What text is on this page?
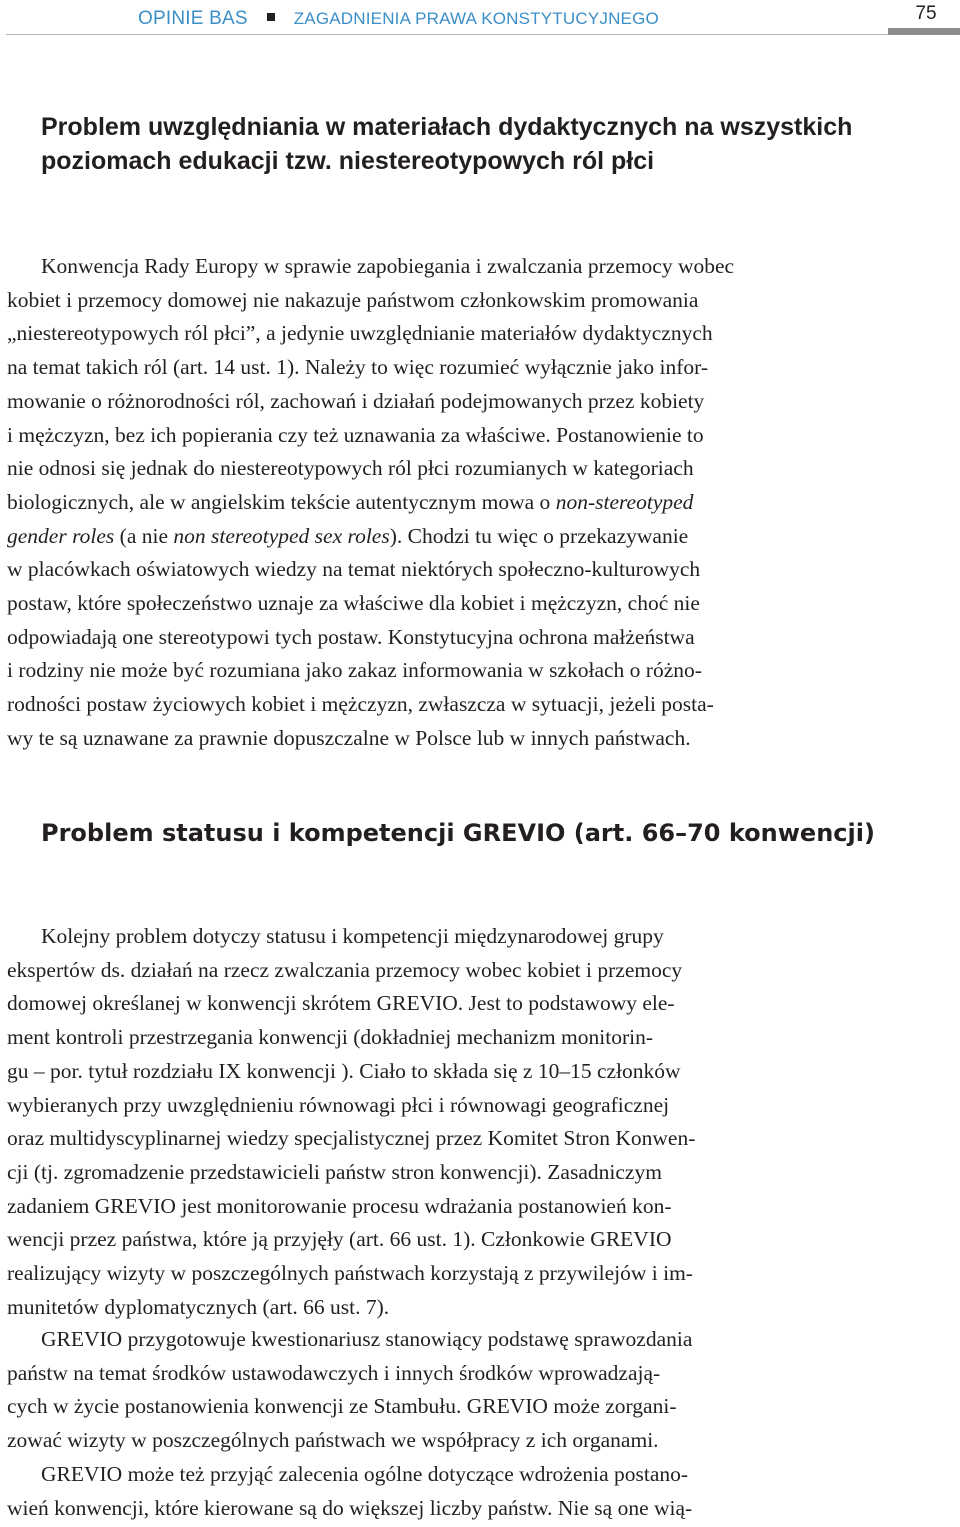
OPINIE BAS	ZAGADNIENIA PRAWA KONSTYTUCYJNEGO	75
Problem uwzględniania w materiałach dydaktycznych na wszystkich poziomach edukacji tzw. niestereotypowych ról płci

Konwencja Rady Europy w sprawie zapobiegania i zwalczania przemocy wobec
kobiet i przemocy domowej nie nakazuje państwom członkowskim promowania
„niestereotypowych ról płci”, a jedynie uwzględnianie materiałów dydaktycznych
na temat takich ról (art. 14 ust. 1). Należy to więc rozumieć wyłącznie jako infor-
mowanie o różnorodności ról, zachowań i działań podejmowanych przez kobiety
i mężczyzn, bez ich popierania czy też uznawania za właściwe. Postanowienie to
nie odnosi się jednak do niestereotypowych ról płci rozumianych w kategoriach
biologicznych, ale w angielskim tekście autentycznym mowa o non-stereotyped
gender roles (a nie non stereotyped sex roles). Chodzi tu więc o przekazywanie
w placówkach oświatowych wiedzy na temat niektórych społeczno-kulturowych
postaw, które społeczeństwo uznaje za właściwe dla kobiet i mężczyzn, choć nie
odpowiadają one stereotypowi tych postaw. Konstytucyjna ochrona małżeństwa
i rodziny nie może być rozumiana jako zakaz informowania w szkołach o różno-
rodności postaw życiowych kobiet i mężczyzn, zwłaszcza w sytuacji, jeżeli posta-
wy te są uznawane za prawnie dopuszczalne w Polsce lub w innych państwach.

Problem statusu i kompetencji GREVIO (art. 66–70 konwencji)

Kolejny problem dotyczy statusu i kompetencji międzynarodowej grupy
ekspertów ds. działań na rzecz zwalczania przemocy wobec kobiet i przemocy
domowej określanej w konwencji skrótem GREVIO. Jest to podstawowy ele-
ment kontroli przestrzegania konwencji (dokładniej mechanizm monitorin-
gu – por. tytuł rozdziału IX konwencji ). Ciało to składa się z 10–15 członków
wybieranych przy uwzględnieniu równowagi płci i równowagi geograficznej
oraz multidyscyplinarnej wiedzy specjalistycznej przez Komitet Stron Konwen-
cji (tj. zgromadzenie przedstawicieli państw stron konwencji). Zasadniczym
zadaniem GREVIO jest monitorowanie procesu wdrażania postanowień kon-
wencji przez państwa, które ją przyjęły (art. 66 ust. 1). Członkowie GREVIO
realizujący wizyty w poszczególnych państwach korzystają z przywilejów i im-
munitetów dyplomatycznych (art. 66 ust. 7).

GREVIO przygotowuje kwestionariusz stanowiący podstawę sprawozdania
państw na temat środków ustawodawczych i innych środków wprowadzają-
cych w życie postanowienia konwencji ze Stambułu. GREVIO może zorgani-
zować wizyty w poszczególnych państwach we współpracy z ich organami.

GREVIO może też przyjąć zalecenia ogólne dotyczące wdrożenia postano-
wień konwencji, które kierowane są do większej liczby państw. Nie są one wią-
